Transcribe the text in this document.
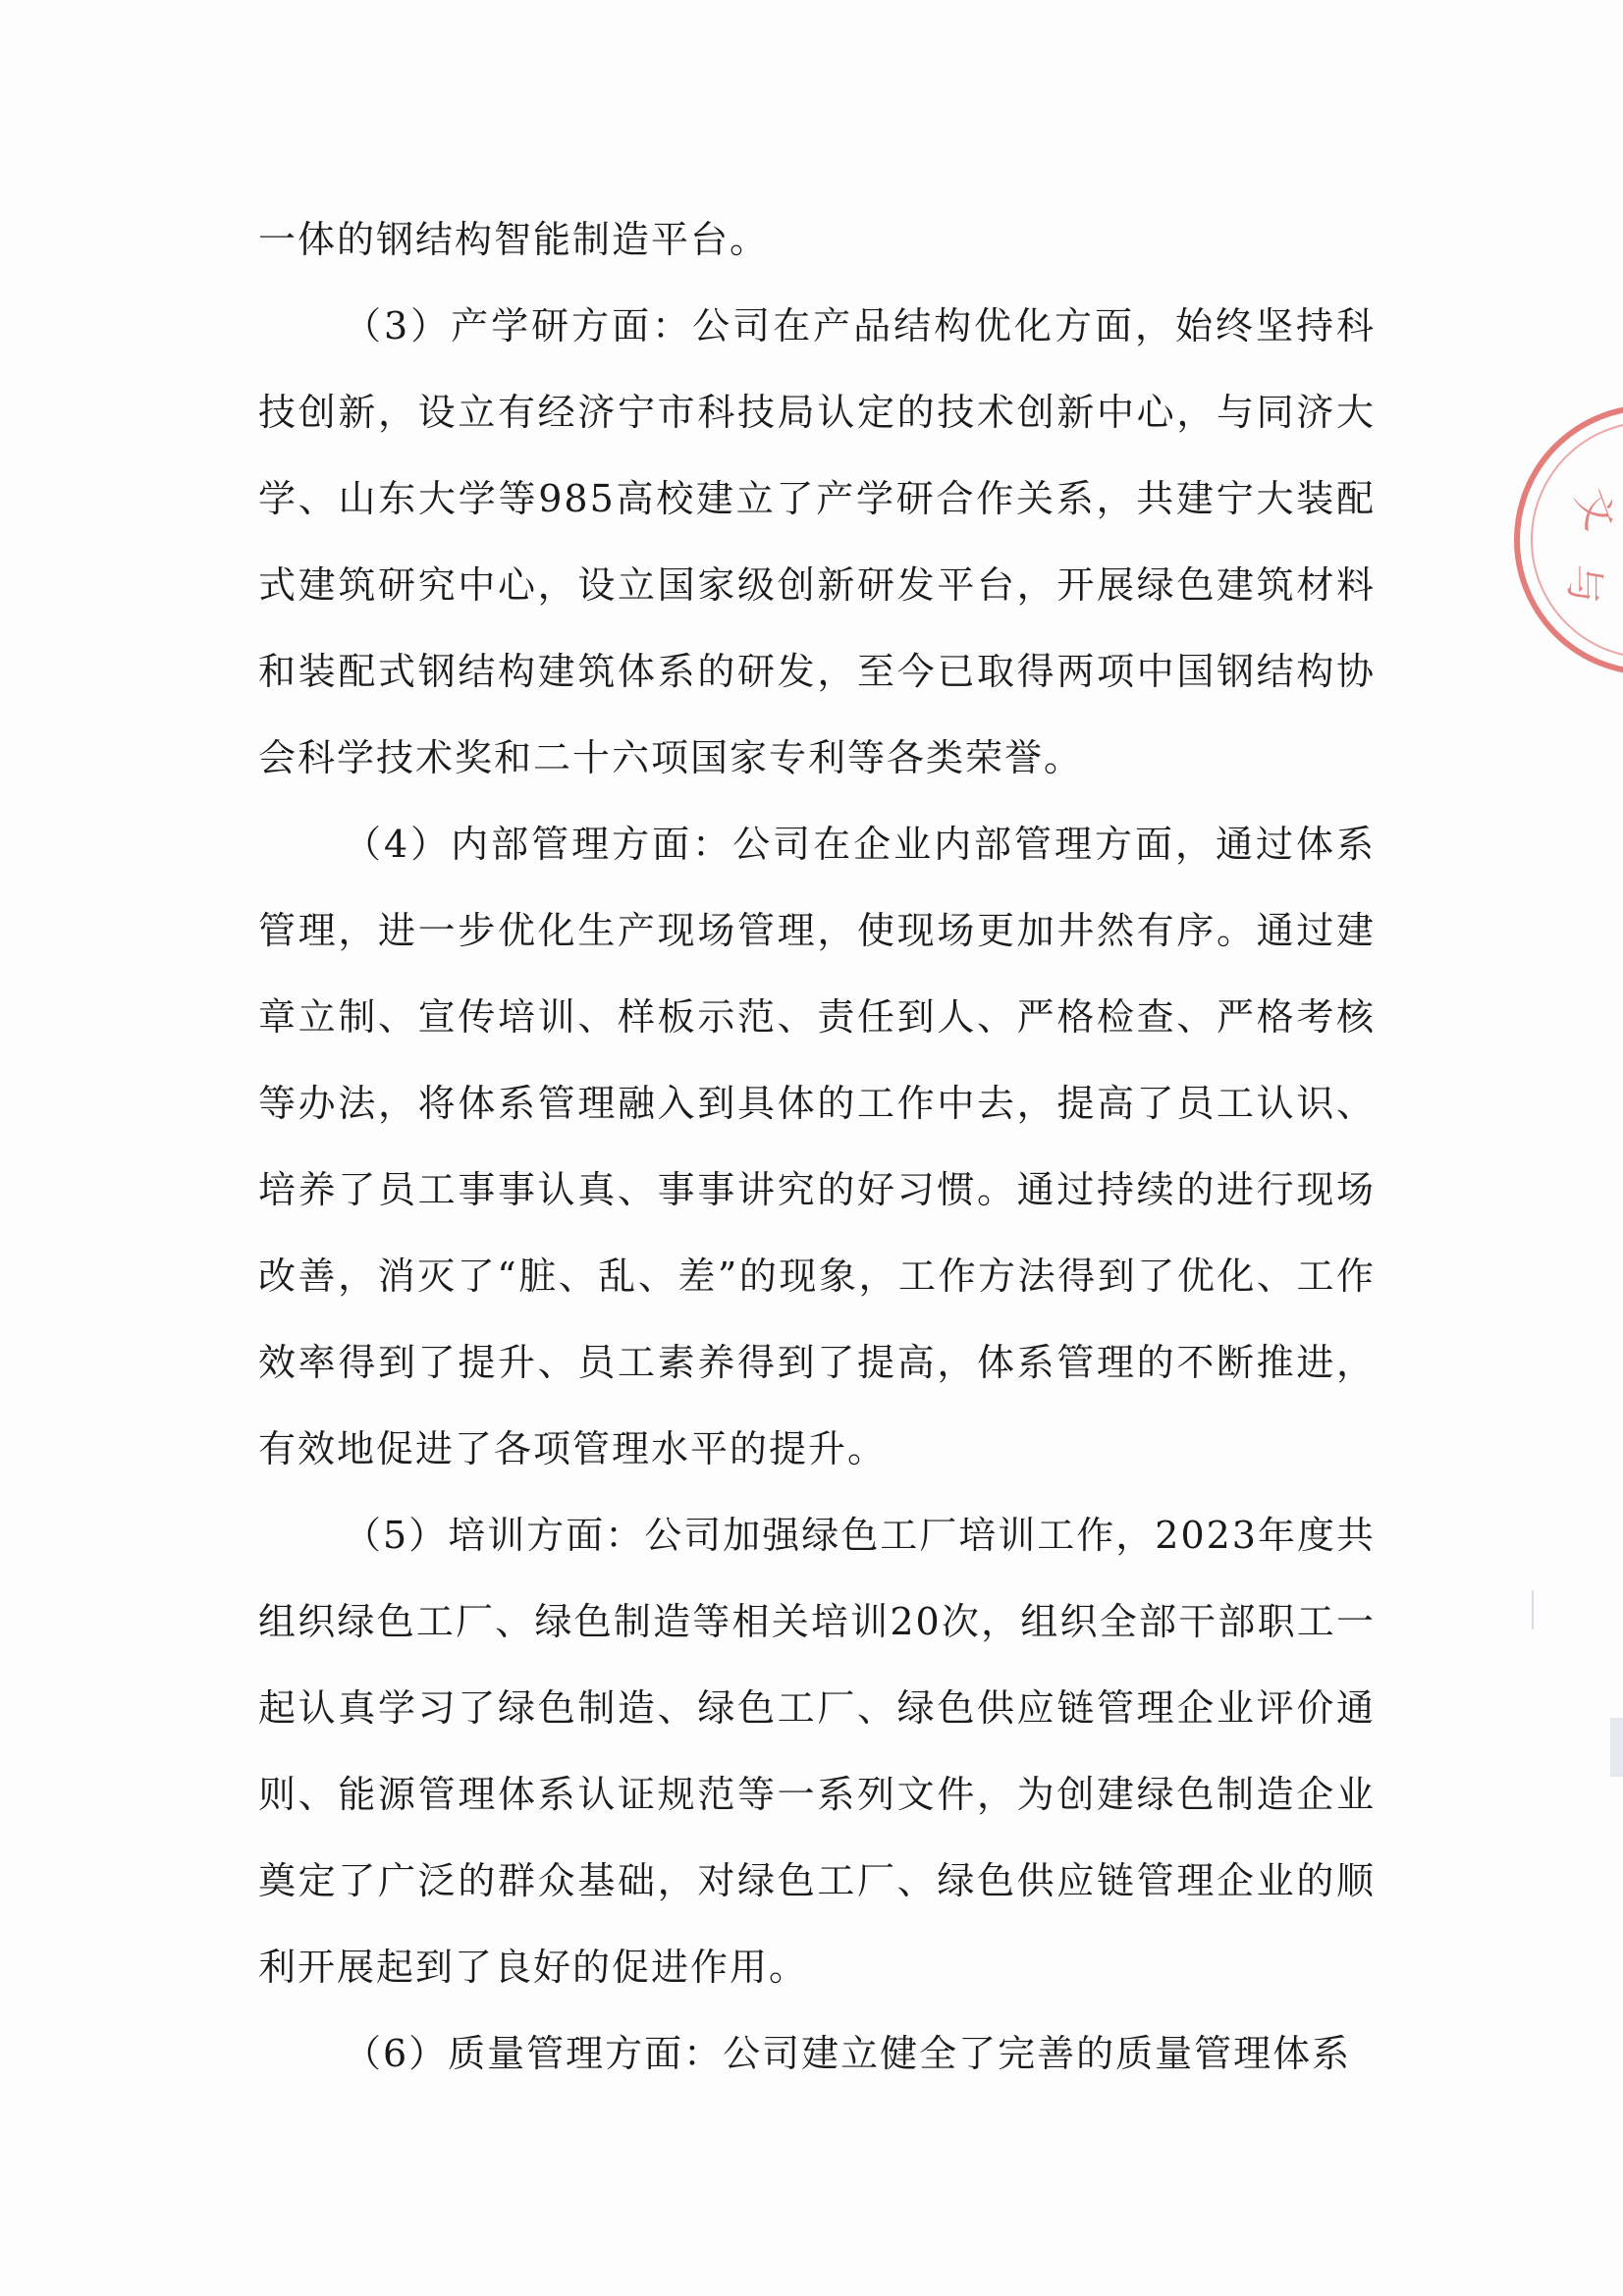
一体的钢结构智能制造平台。

（3）产学研方面：公司在产品结构优化方面，始终坚持科技创新，设立有经济宁市科技局认定的技术创新中心，与同济大学、山东大学等985高校建立了产学研合作关系，共建宁大装配式建筑研究中心，设立国家级创新研发平台，开展绿色建筑材料和装配式钢结构建筑体系的研发，至今已取得两项中国钢结构协会科学技术奖和二十六项国家专利等各类荣誉。

（4）内部管理方面：公司在企业内部管理方面，通过体系管理，进一步优化生产现场管理，使现场更加井然有序。通过建章立制、宣传培训、样板示范、责任到人、严格检查、严格考核等办法，将体系管理融入到具体的工作中去，提高了员工认识、培养了员工事事认真、事事讲究的好习惯。通过持续的进行现场改善，消灭了“脏、乱、差”的现象，工作方法得到了优化、工作效率得到了提升、员工素养得到了提高，体系管理的不断推进，有效地促进了各项管理水平的提升。

（5）培训方面：公司加强绿色工厂培训工作，2023年度共组织绿色工厂、绿色制造等相关培训20次，组织全部干部职工一起认真学习了绿色制造、绿色工厂、绿色供应链管理企业评价通则、能源管理体系认证规范等一系列文件，为创建绿色制造企业奠定了广泛的群众基础，对绿色工厂、绿色供应链管理企业的顺利开展起到了良好的促进作用。

（6）质量管理方面：公司建立健全了完善的质量管理体系

文
与
